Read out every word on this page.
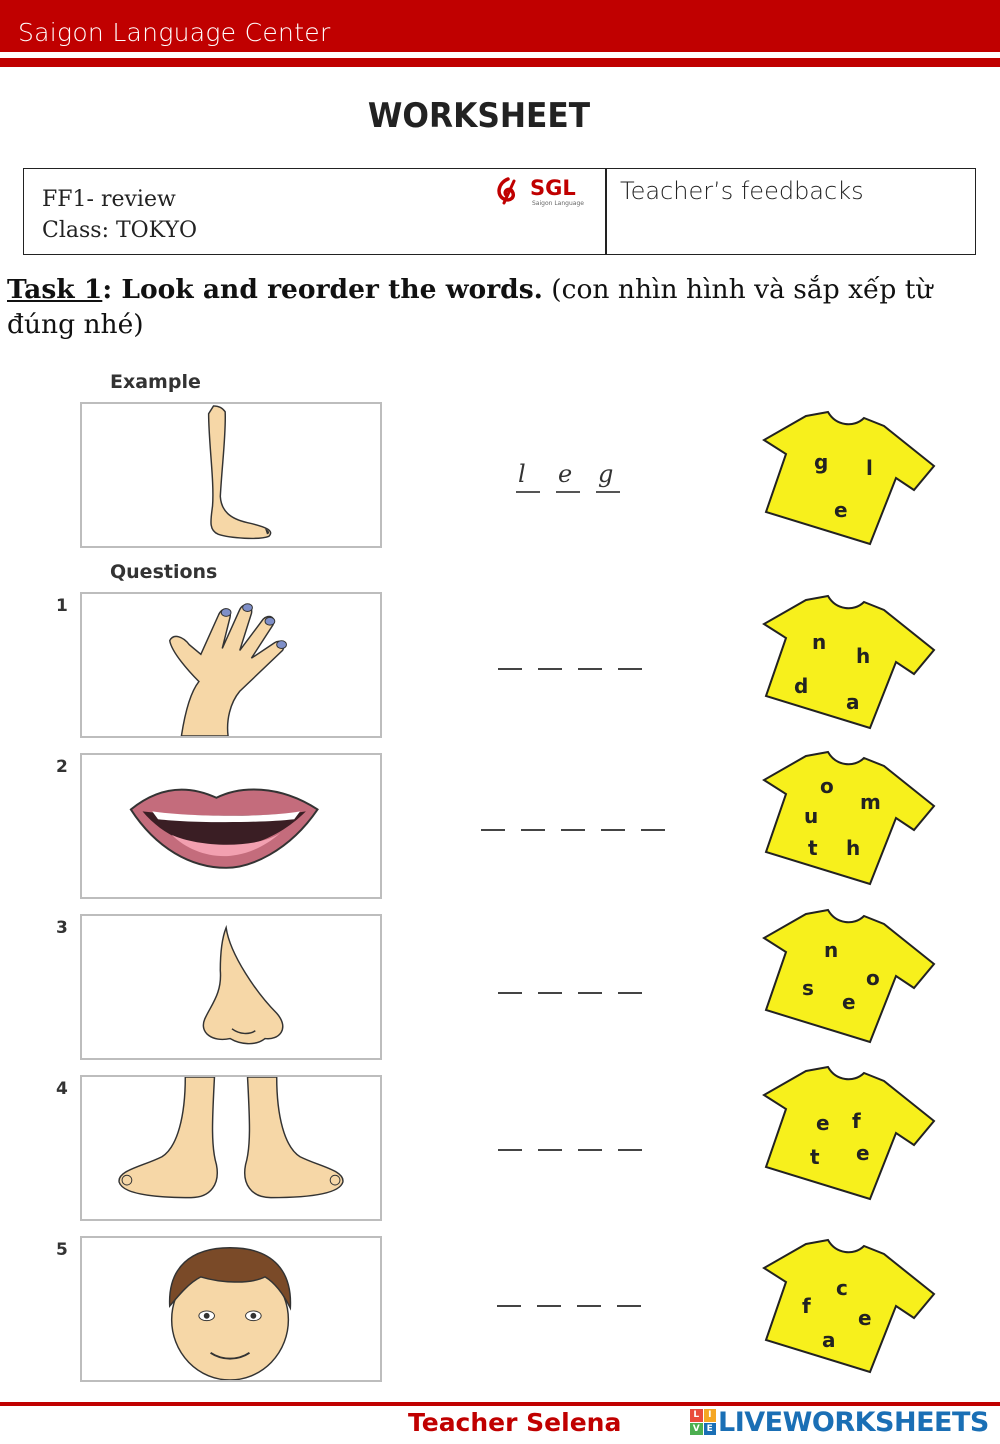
Saigon Language Center
WORKSHEET
FF1- review
Class: TOKYO
SGL
Saigon Language Teacher’s feedbacks
Task 1: Look and reorder the words. (con nhìn hình và sắp xếp từ đúng nhé)
Example
l e g	g l
e
Questions
1
n
h
d
a
2
o
m
u
t h
3
n
o
s
e
4
e f
t e
5
c
f e
a
Teacher Selena	L I
V E LIVEWORKSHEETS
